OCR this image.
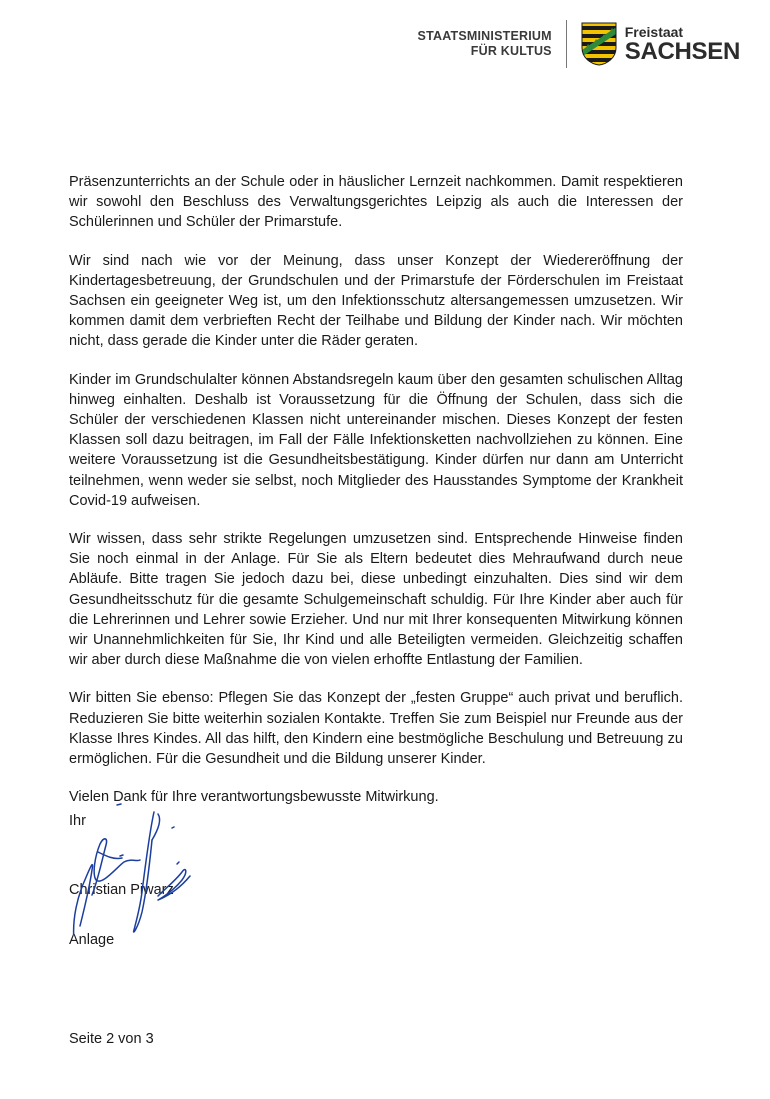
STAATSMINISTERIUM
FÜR KULTUS
Freistaat
SACHSEN

Präsenzunterrichts an der Schule oder in häuslicher Lernzeit nachkommen. Damit respektieren wir sowohl den Beschluss des Verwaltungsgerichtes Leipzig als auch die Interessen der Schülerinnen und Schüler der Primarstufe.

Wir sind nach wie vor der Meinung, dass unser Konzept der Wiedereröffnung der Kindertagesbetreuung, der Grundschulen und der Primarstufe der Förderschulen im Freistaat Sachsen ein geeigneter Weg ist, um den Infektionsschutz altersangemessen umzusetzen. Wir kommen damit dem verbrieften Recht der Teilhabe und Bildung der Kinder nach. Wir möchten nicht, dass gerade die Kinder unter die Räder geraten.

Kinder im Grundschulalter können Abstandsregeln kaum über den gesamten schulischen Alltag hinweg einhalten. Deshalb ist Voraussetzung für die Öffnung der Schulen, dass sich die Schüler der verschiedenen Klassen nicht untereinander mischen. Dieses Konzept der festen Klassen soll dazu beitragen, im Fall der Fälle Infektionsketten nachvollziehen zu können. Eine weitere Voraussetzung ist die Gesundheitsbestätigung. Kinder dürfen nur dann am Unterricht teilnehmen, wenn weder sie selbst, noch Mitglieder des Hausstandes Symptome der Krankheit Covid-19 aufweisen.

Wir wissen, dass sehr strikte Regelungen umzusetzen sind. Entsprechende Hinweise finden Sie noch einmal in der Anlage. Für Sie als Eltern bedeutet dies Mehraufwand durch neue Abläufe. Bitte tragen Sie jedoch dazu bei, diese unbedingt einzuhalten. Dies sind wir dem Gesundheitsschutz für die gesamte Schulgemeinschaft schuldig. Für Ihre Kinder aber auch für die Lehrerinnen und Lehrer sowie Erzieher. Und nur mit Ihrer konsequenten Mitwirkung können wir Unannehmlichkeiten für Sie, Ihr Kind und alle Beteiligten vermeiden. Gleichzeitig schaffen wir aber durch diese Maßnahme die von vielen erhoffte Entlastung der Familien.

Wir bitten Sie ebenso: Pflegen Sie das Konzept der „festen Gruppe“ auch privat und beruflich. Reduzieren Sie bitte weiterhin sozialen Kontakte. Treffen Sie zum Beispiel nur Freunde aus der Klasse Ihres Kindes. All das hilft, den Kindern eine bestmögliche Beschulung und Betreuung zu ermöglichen. Für die Gesundheit und die Bildung unserer Kinder.

Vielen Dank für Ihre verantwortungsbewusste Mitwirkung.

Ihr
Christian Piwarz
Anlage
Seite 2 von 3
